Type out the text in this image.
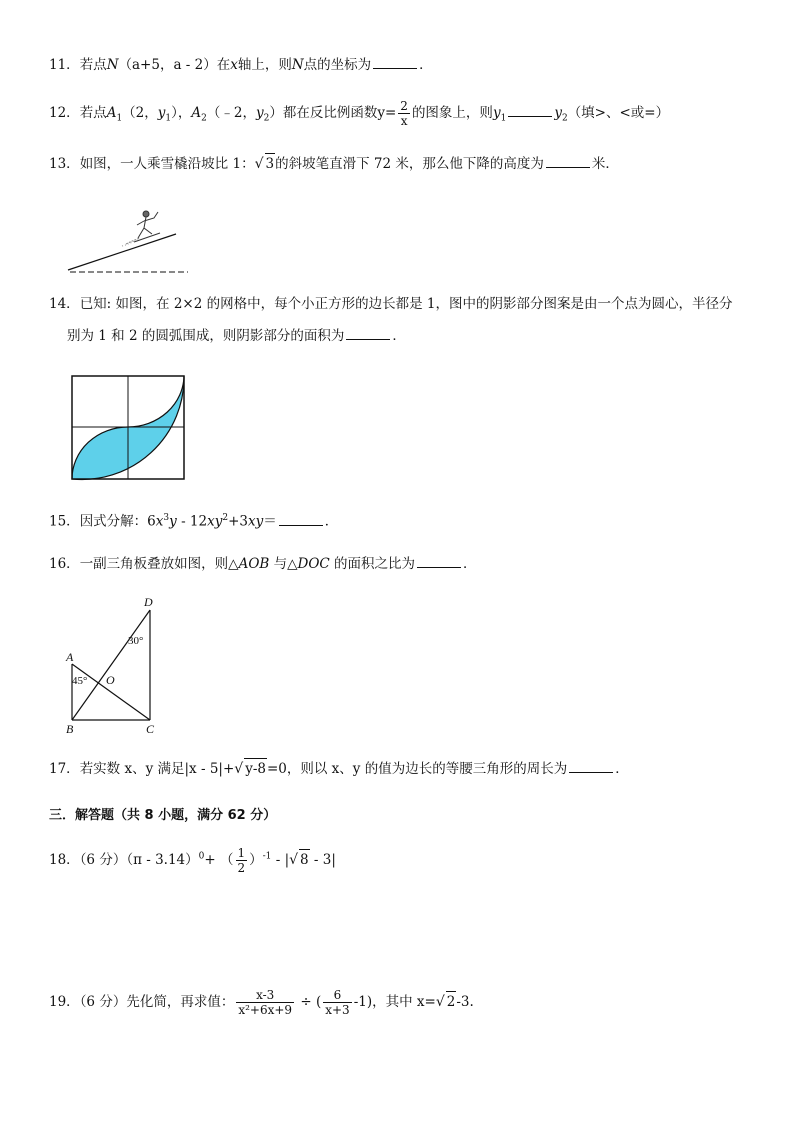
11．若点N（a+5，a - 2）在x轴上，则N点的坐标为	．
12．若点$A_1(2$，$y_1$），$A_2(﹣2$，$y_2$）都在反比例函数$y= \frac{2}{x}$ 的图象上，则$y_1$	$y_2$（填>、<或=）
13．如图，一人乘雪橇沿坡比 1：√ 3的斜坡笔直滑下 72 米，那么他下降的高度为	米．
14．已知: 如图，在 2×2 的网格中，每个小正方形的边长都是 1，图中的阴影部分图案是由一个点为圆心，半径分
别为 1 和 2 的圆弧围成，则阴影部分的面积为	．
15．因式分解：$6x^3y - 12xy^2+3xy=$	．
16．一副三角板叠放如图，则△AOB 与△DOC 的面积之比为	．
A
B	C
D
O
45°
30°
17．若实数 x、y 满足|x - 5|+√ y-8=0，则以 x、y 的值为边长的等腰三角形的周长为	．
三．解答题（共 8 小题，满分 62 分）
18．（6 分）（π - 3.14）$^0$+ （ $\frac{1}{2} )^{-1}$ - |√ 8 - 3|
19．（6 分）先化简，再求值： $\frac{x-3}{\text{x²+6x+9}}$ ÷ ( $\frac{6}{x+3} -1$)，其中 x=√ 2-3.
